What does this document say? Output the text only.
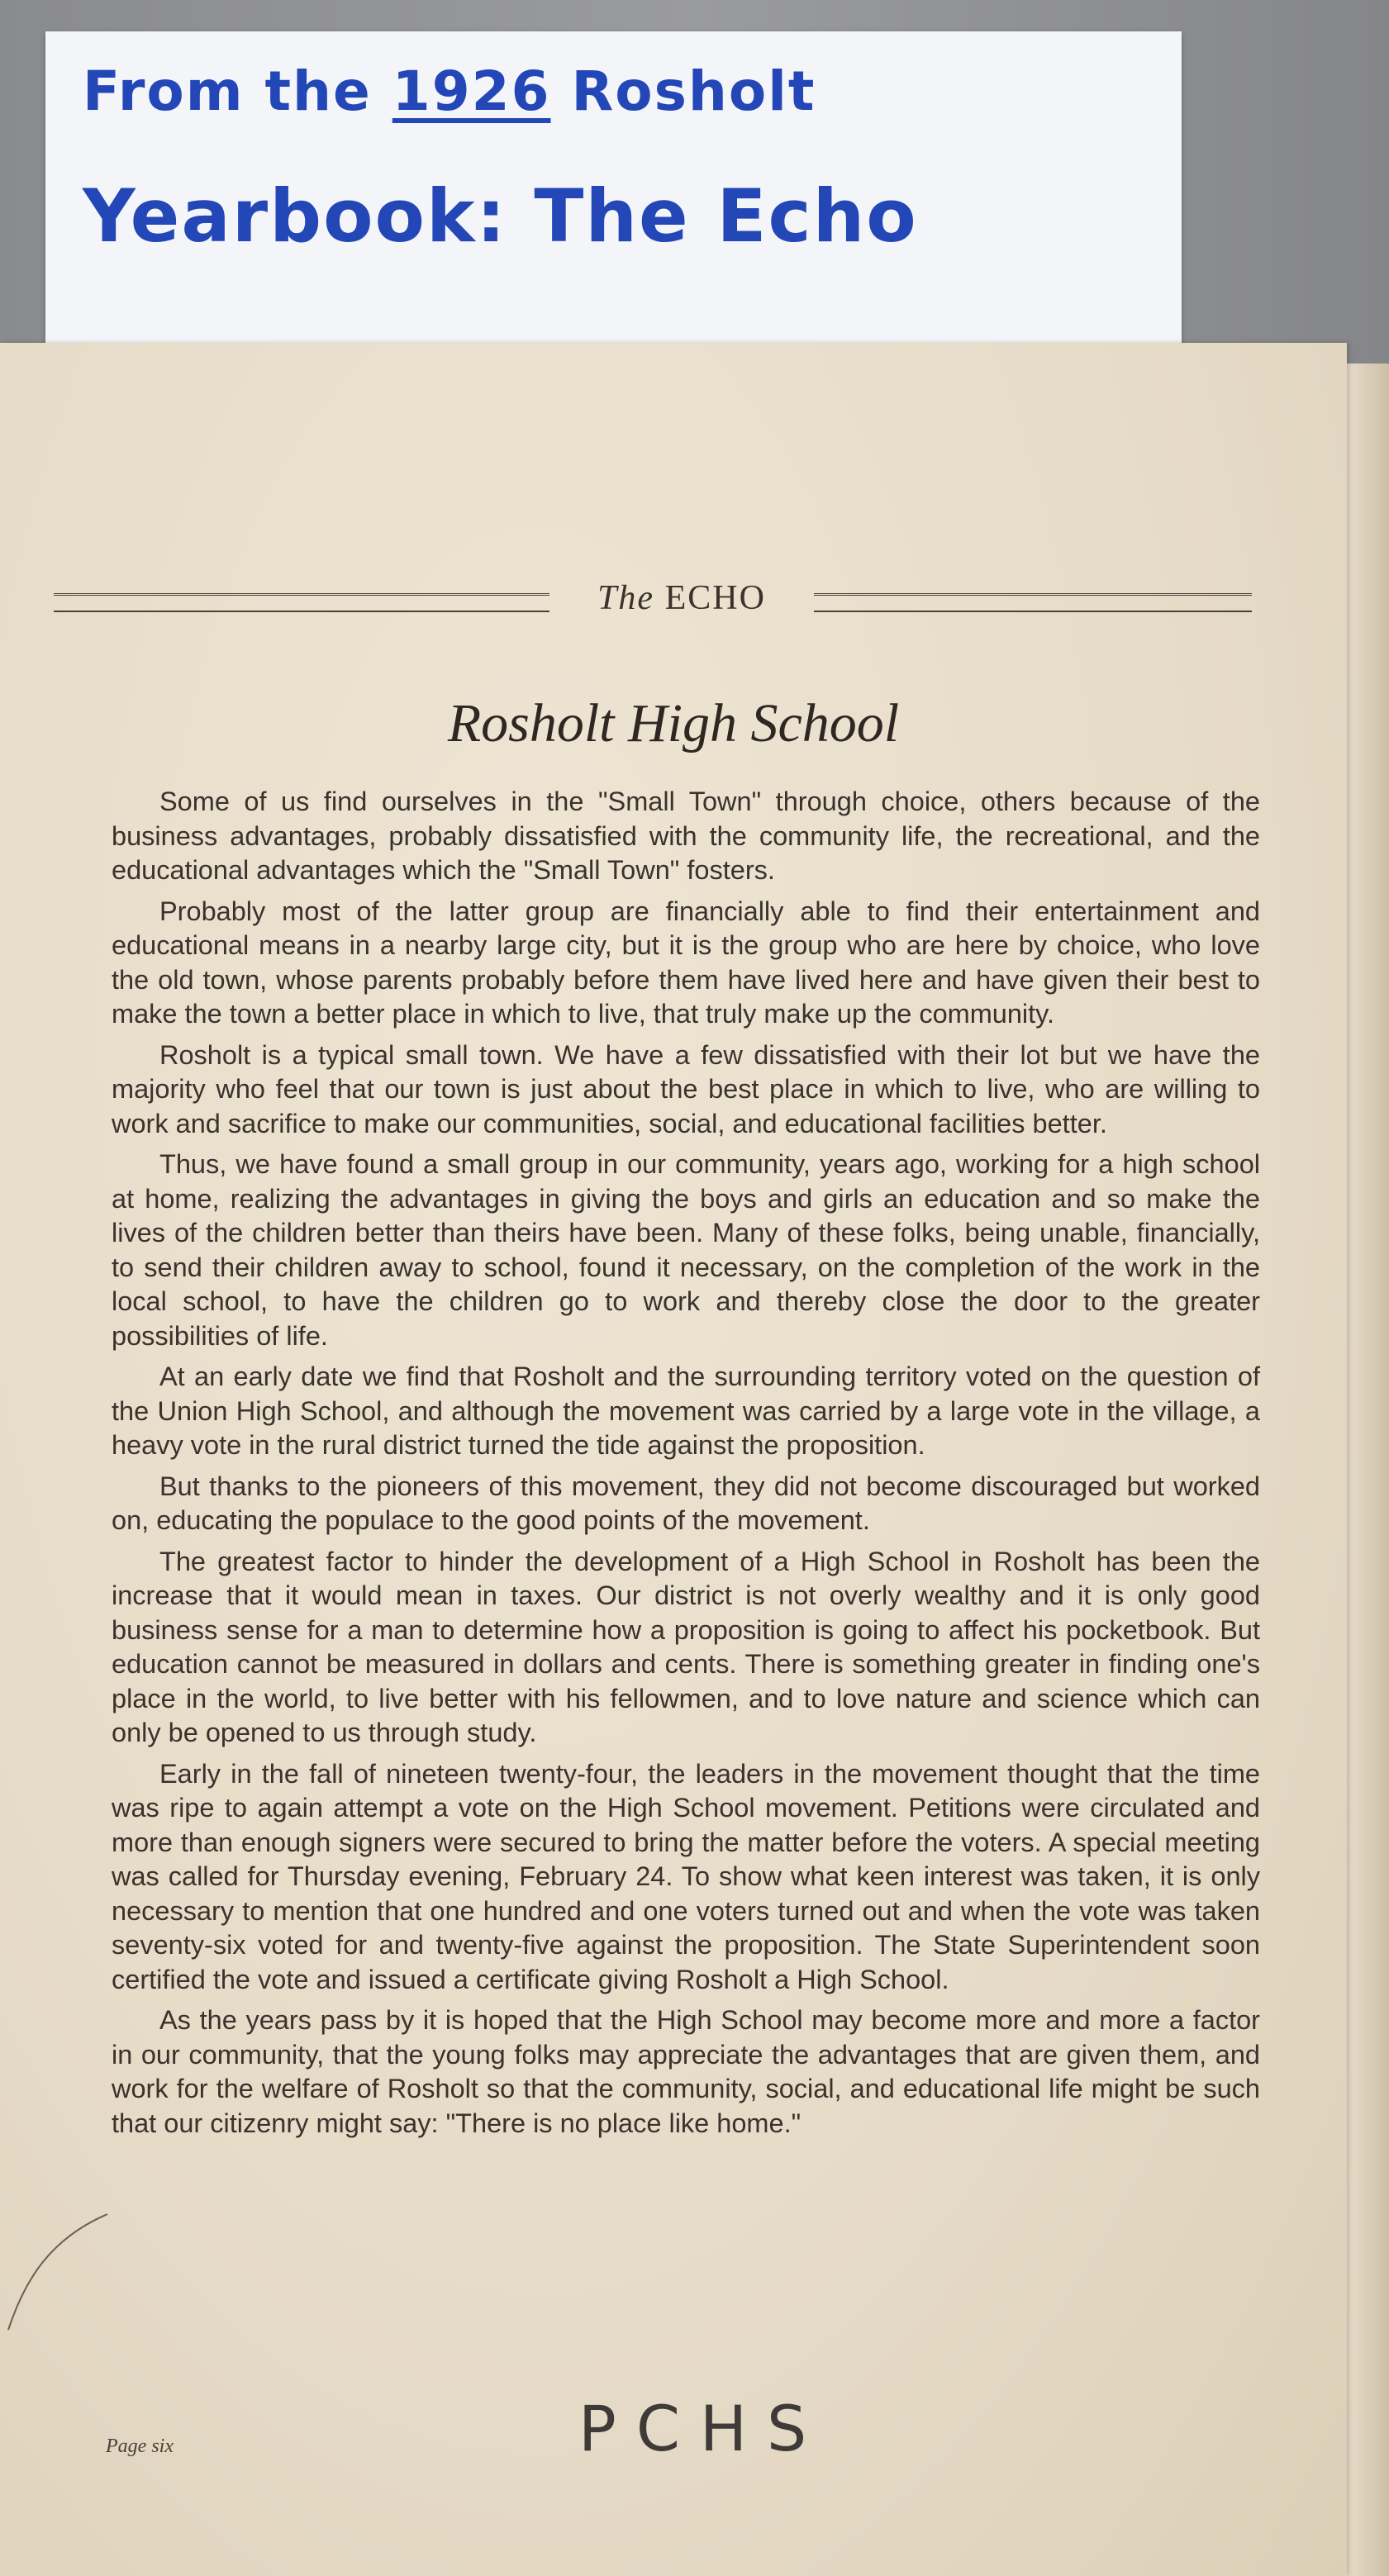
From the 1926 Rosholt
Yearbook: The Echo
The ECHO
Rosholt High School

Some of us find ourselves in the "Small Town" through choice, others because of the business advantages, probably dissatisfied with the community life, the recreational, and the educational advantages which the "Small Town" fosters.

Probably most of the latter group are financially able to find their entertainment and educational means in a nearby large city, but it is the group who are here by choice, who love the old town, whose parents probably before them have lived here and have given their best to make the town a better place in which to live, that truly make up the community.

Rosholt is a typical small town. We have a few dissatisfied with their lot but we have the majority who feel that our town is just about the best place in which to live, who are willing to work and sacrifice to make our communities, social, and educational facilities better.

Thus, we have found a small group in our community, years ago, working for a high school at home, realizing the advantages in giving the boys and girls an education and so make the lives of the children better than theirs have been. Many of these folks, being unable, financially, to send their children away to school, found it necessary, on the completion of the work in the local school, to have the children go to work and thereby close the door to the greater possibilities of life.

At an early date we find that Rosholt and the surrounding territory voted on the question of the Union High School, and although the movement was carried by a large vote in the village, a heavy vote in the rural district turned the tide against the proposition.

But thanks to the pioneers of this movement, they did not become discouraged but worked on, educating the populace to the good points of the movement.

The greatest factor to hinder the development of a High School in Rosholt has been the increase that it would mean in taxes. Our district is not overly wealthy and it is only good business sense for a man to determine how a proposition is going to affect his pocketbook. But education cannot be measured in dollars and cents. There is something greater in finding one's place in the world, to live better with his fellowmen, and to love nature and science which can only be opened to us through study.

Early in the fall of nineteen twenty-four, the leaders in the movement thought that the time was ripe to again attempt a vote on the High School movement. Petitions were circulated and more than enough signers were secured to bring the matter before the voters. A special meeting was called for Thursday evening, February 24. To show what keen interest was taken, it is only necessary to mention that one hundred and one voters turned out and when the vote was taken seventy-six voted for and twenty-five against the proposition. The State Superintendent soon certified the vote and issued a certificate giving Rosholt a High School.

As the years pass by it is hoped that the High School may become more and more a factor in our community, that the young folks may appreciate the advantages that are given them, and work for the welfare of Rosholt so that the community, social, and educational life might be such that our citizenry might say: "There is no place like home."

PCHS
Page six
